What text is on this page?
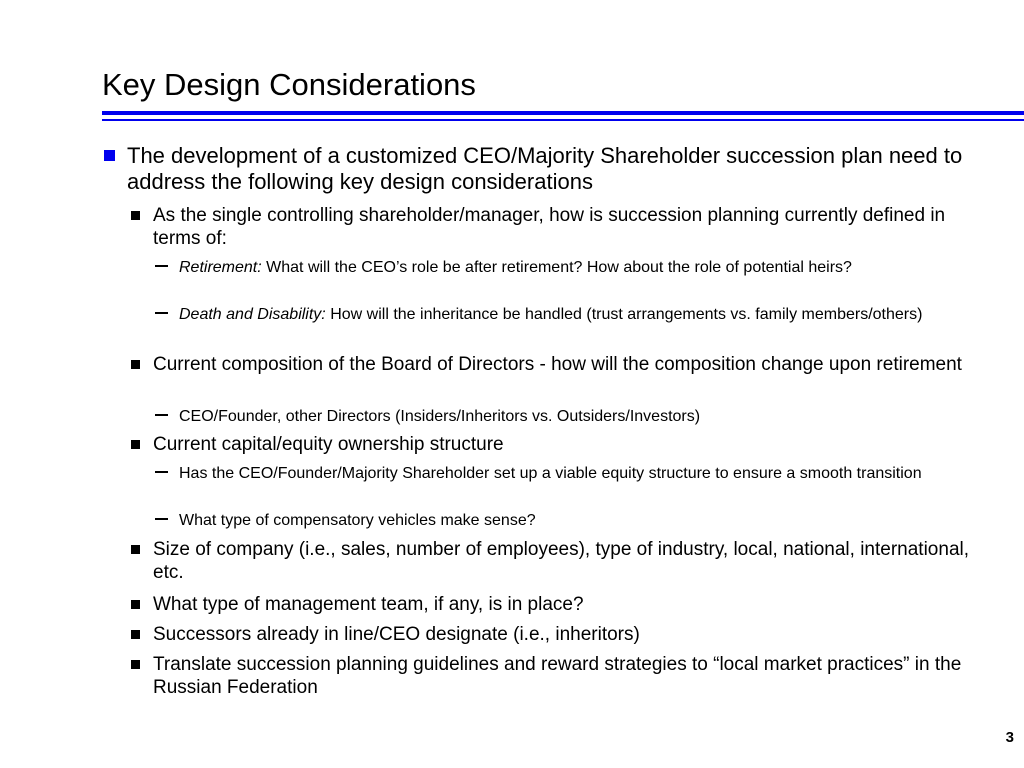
Key Design Considerations
The development of a customized CEO/Majority Shareholder succession plan need to address the following key design considerations
As the single controlling shareholder/manager, how is succession planning currently defined in terms of:
Retirement: What will the CEO’s role be after retirement? How about the role of potential heirs?
Death and Disability: How will the inheritance be handled (trust arrangements vs. family members/others)
Current composition of the Board of Directors - how will the composition change upon retirement
CEO/Founder, other Directors (Insiders/Inheritors vs. Outsiders/Investors)
Current capital/equity ownership structure
Has the CEO/Founder/Majority Shareholder set up a viable equity structure to ensure a smooth transition
What type of compensatory vehicles make sense?
Size of company (i.e., sales, number of employees), type of industry, local, national, international, etc.
What type of management team, if any, is in place?
Successors already in line/CEO designate (i.e., inheritors)
Translate succession planning guidelines and reward strategies to “local market practices” in the Russian Federation
3
